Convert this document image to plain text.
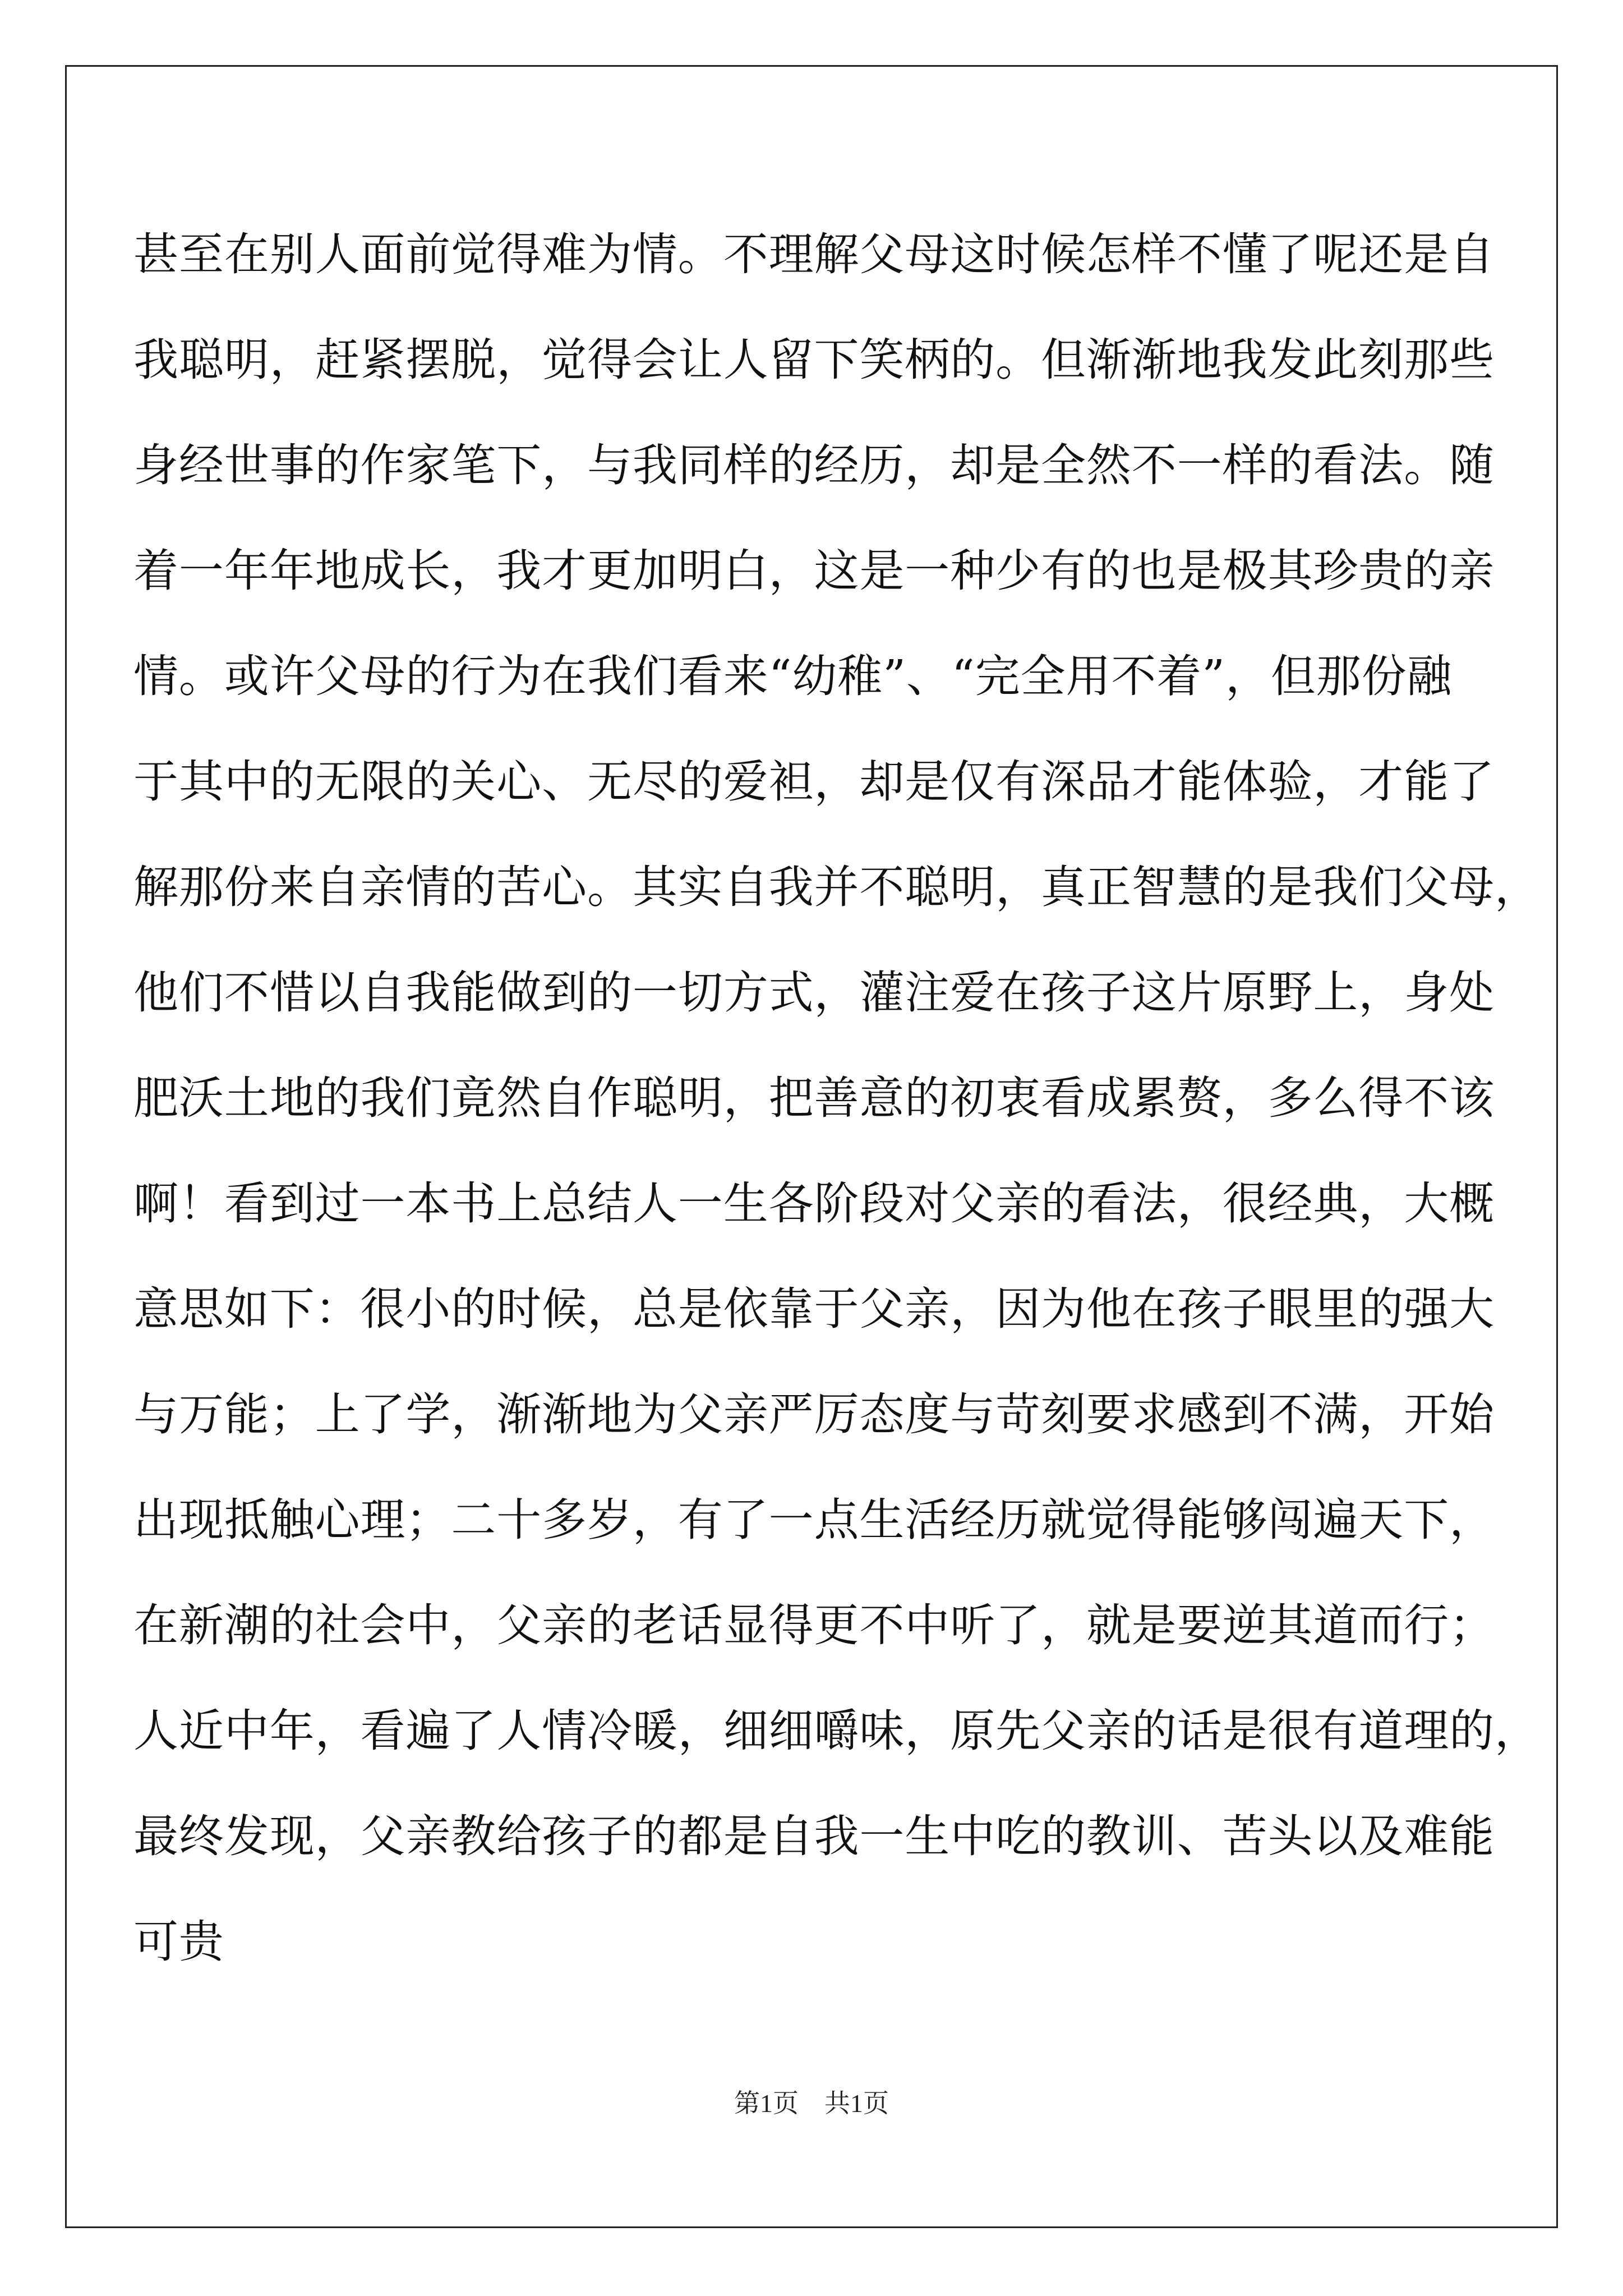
甚至在别人面前觉得难为情。不理解父母这时候怎样不懂了呢还是自
我聪明，赶紧摆脱，觉得会让人留下笑柄的。但渐渐地我发此刻那些
身经世事的作家笔下，与我同样的经历，却是全然不一样的看法。随
着一年年地成长，我才更加明白，这是一种少有的也是极其珍贵的亲
情。或许父母的行为在我们看来“幼稚”、“完全用不着”，但那份融
于其中的无限的关心、无尽的爱袒，却是仅有深品才能体验，才能了
解那份来自亲情的苦心。其实自我并不聪明，真正智慧的是我们父母，
他们不惜以自我能做到的一切方式，灌注爱在孩子这片原野上，身处
肥沃土地的我们竟然自作聪明，把善意的初衷看成累赘，多么得不该
啊！看到过一本书上总结人一生各阶段对父亲的看法，很经典，大概
意思如下：很小的时候，总是依靠于父亲，因为他在孩子眼里的强大
与万能；上了学，渐渐地为父亲严厉态度与苛刻要求感到不满，开始
出现抵触心理；二十多岁，有了一点生活经历就觉得能够闯遍天下，
在新潮的社会中，父亲的老话显得更不中听了，就是要逆其道而行；
人近中年，看遍了人情冷暖，细细嚼味，原先父亲的话是很有道理的，
最终发现，父亲教给孩子的都是自我一生中吃的教训、苦头以及难能
可贵
第1页　共1页
